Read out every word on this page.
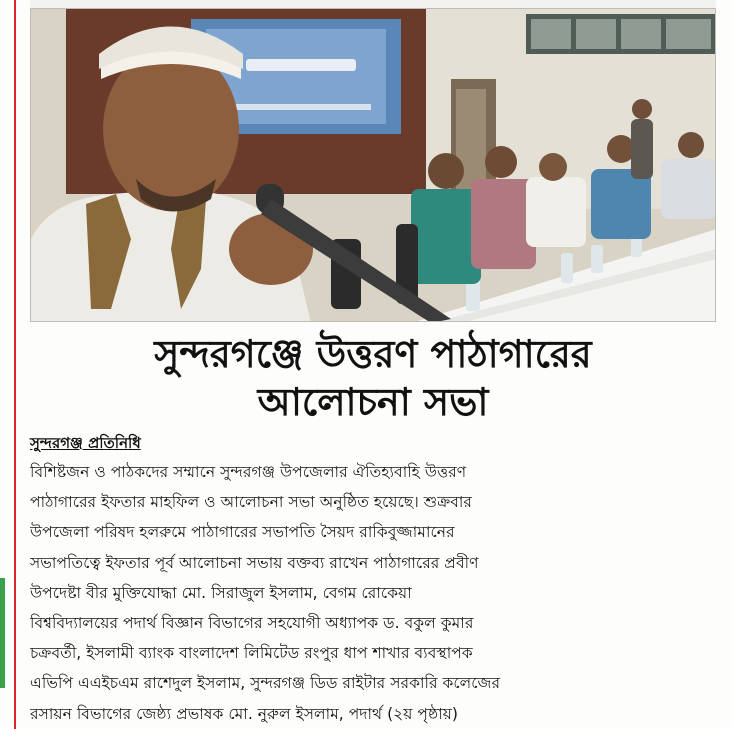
সুন্দরগঞ্জে উত্তরণ পাঠাগারের
আলোচনা সভা
সুন্দরগঞ্জ প্রতিনিধি
বিশিষ্টজন ও পাঠকদের সম্মানে সুন্দরগঞ্জ উপজেলার ঐতিহ্যবাহি উত্তরণ
পাঠাগারের ইফতার মাহফিল ও আলোচনা সভা অনুষ্ঠিত হয়েছে। শুক্রবার
উপজেলা পরিষদ হলরুমে পাঠাগারের সভাপতি সৈয়দ রাকিবুজ্জামানের
সভাপতিত্বে ইফতার পূর্ব আলোচনা সভায় বক্তব্য রাখেন পাঠাগারের প্রবীণ
উপদেষ্টা বীর মুক্তিযোদ্ধা মো. সিরাজুল ইসলাম, বেগম রোকেয়া
বিশ্ববিদ্যালয়ের পদার্থ বিজ্ঞান বিভাগের সহযোগী অধ্যাপক ড. বকুল কুমার
চক্রবর্তী, ইসলামী ব্যাংক বাংলাদেশ লিমিটেড রংপুর ধাপ শাখার ব্যবস্থাপক
এভিপি এএইচএম রাশেদুল ইসলাম, সুন্দরগঞ্জ ডিড রাইটার সরকারি কলেজের
রসায়ন বিভাগের জেষ্ঠ্য প্রভাষক মো. নুরুল ইসলাম, পদার্থ (২য় পৃষ্ঠায়)
